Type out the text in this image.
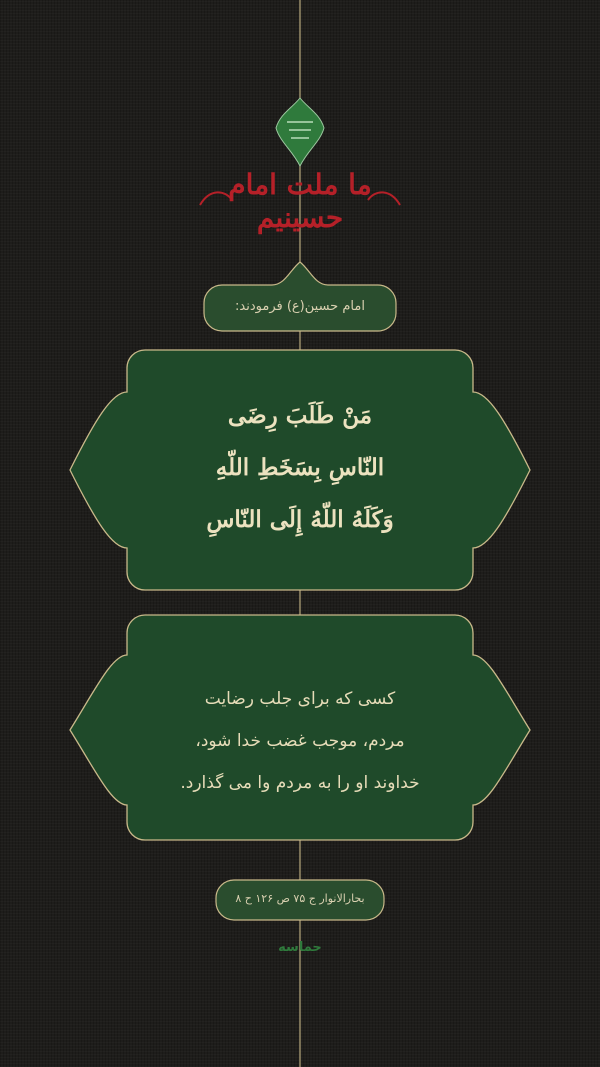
ما ملت امام حسینیم
امام حسین(ع) فرمودند:
مَنْ طَلَبَ رِضَى
النّاسِ بِسَخَطِ اللّهِ
وَكَلَهُ اللّهُ إِلَى النّاسِ
کسی که برای جلب رضایت
مردم، موجب غضب خدا شود،
خداوند او را به مردم وا می گذارد.
بحارالانوار ج ۷۵ ص ۱۲۶ ح ۸
حماسه
